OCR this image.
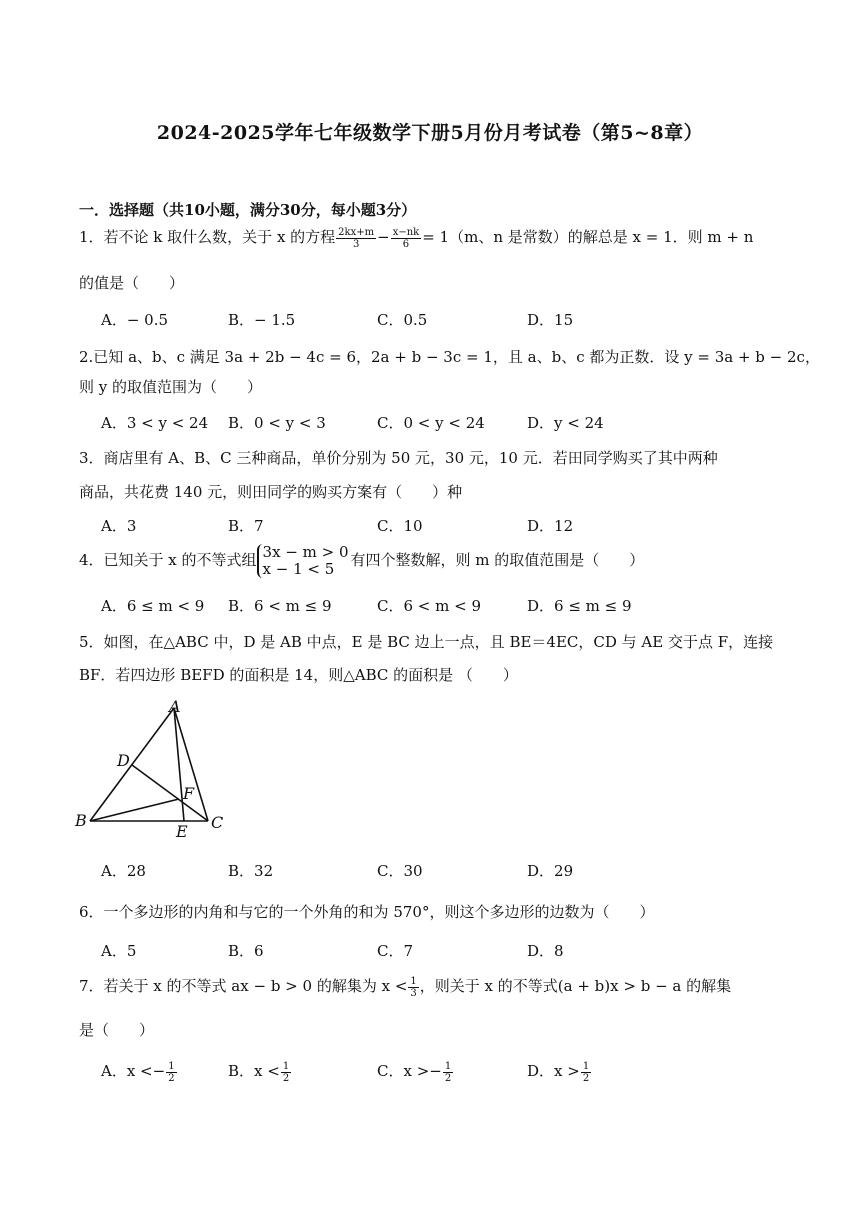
2024-2025学年七年级数学下册5月份月考试卷（第5~8章）
一．选择题（共10小题，满分30分，每小题3分）
1．若不论 k 取什么数，关于 x 的方程 $\frac{2kx+m}{3} - \frac{x-nk}{6} = 1(m$、n 是常数）的解总是 x = 1．则 m + n
的值是（　　）
A．− 0.5	B．− 1.5	C．0.5	D．15
2.已知 a、b、c 满足 3a + 2b − 4c = 6，2a + b − 3c = 1，且 a、b、c 都为正数．设 y = 3a + b − 2c，
则 y 的取值范围为（　　）
A．3 < y < 24 B．0 < y < 3	C．0 < y < 24	D．y < 24
3．商店里有 A、B、C 三种商品，单价分别为 50 元，30 元，10 元．若田同学购买了其中两种
商品，共花费 140 元，则田同学的购买方案有（　　）种
A．3	B．7	C．10	D．12
4．已知关于 x 的不等式组 3x − m > 0
x − 1 < 5	有四个整数解，则 m 的取值范围是（　　）
A．6 ≤ m < 9 B．6 < m ≤ 9	C．6 < m < 9	D．6 ≤ m ≤ 9
5．如图，在△ABC 中，D 是 AB 中点，E 是 BC 边上一点，且 BE＝4EC，CD 与 AE 交于点 F，连接
BF．若四边形 BEFD 的面积是 14，则△ABC 的面积是 （　　）
A
B	C
D
E
F
A．28	B．32	C．30	D．29
6．一个多边形的内角和与它的一个外角的和为 570°，则这个多边形的边数为（　　）
A．5	B．6	C．7	D．8
7．若关于 x 的不等式 ax − b > 0 的解集为 $x < \frac{1}{3}$ ，则关于 x 的不等式(a + b)x > b − a 的解集
是（　　）
A．$x <- \frac{1}{2}$	B．$x < \frac{1}{2}$	C．$x >- \frac{1}{2}$	D．$x > \frac{1}{2}$
